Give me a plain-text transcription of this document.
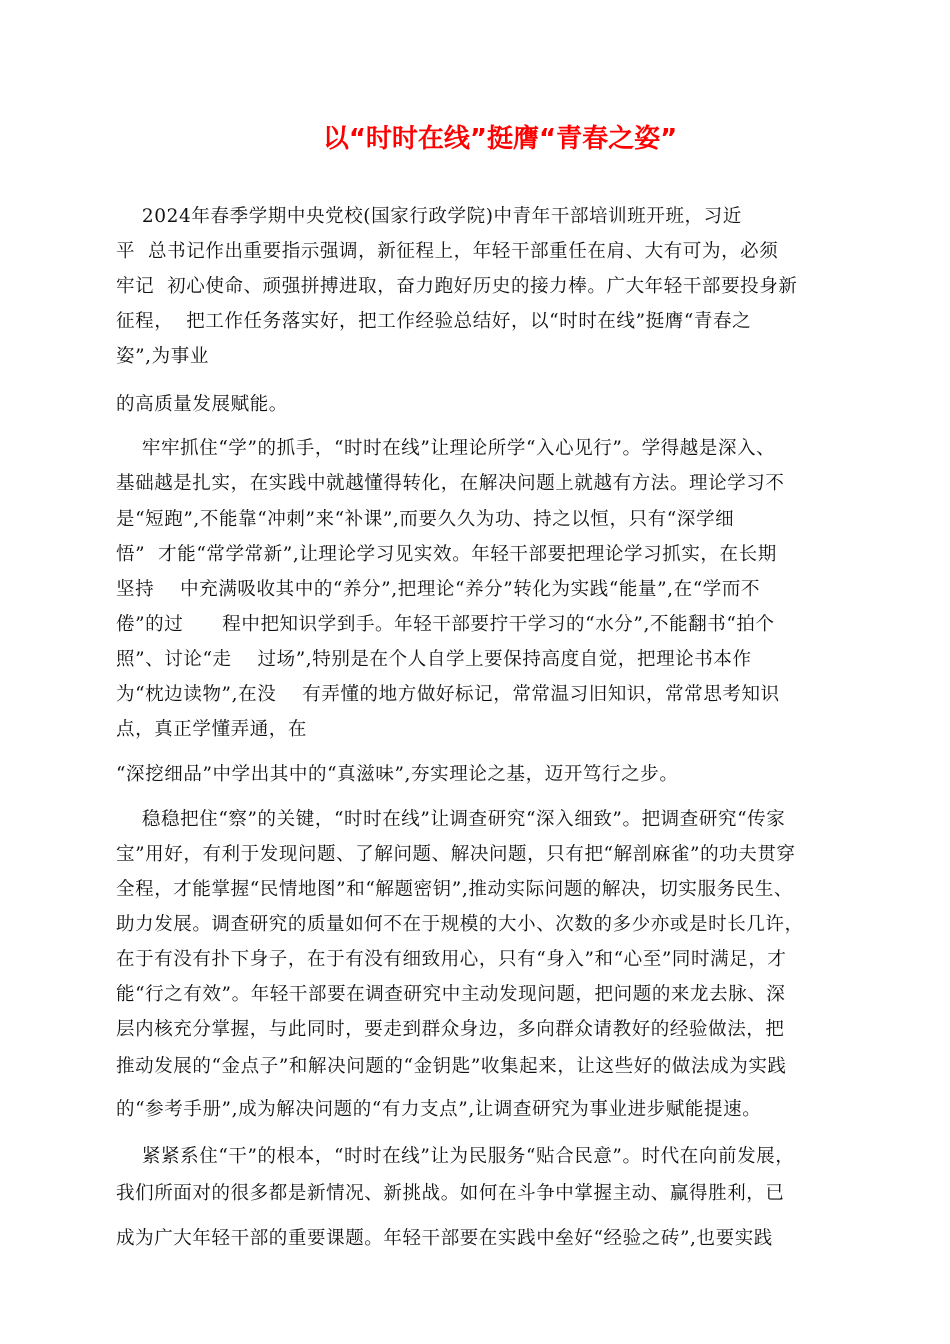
以“时时在线”挺膺“青春之姿”
2024年春季学期中央党校(国家行政学院)中青年干部培训班开班，习近
平  总书记作出重要指示强调，新征程上，年轻干部重任在肩、大有可为，必须
牢记  初心使命、顽强拼搏进取，奋力跑好历史的接力棒。广大年轻干部要投身新
征程，  把工作任务落实好，把工作经验总结好，以“时时在线”挺膺“青春之
姿”,为事业
的高质量发展赋能。
牢牢抓住“学”的抓手，“时时在线”让理论所学“入心见行”。学得越是深入、
基础越是扎实，在实践中就越懂得转化，在解决问题上就越有方法。理论学习不
是“短跑”,不能靠“冲刺”来“补课”,而要久久为功、持之以恒，只有“深学细
悟”  才能“常学常新”,让理论学习见实效。年轻干部要把理论学习抓实，在长期
坚持    中充满吸收其中的“养分”,把理论“养分”转化为实践“能量”,在“学而不
倦”的过      程中把知识学到手。年轻干部要拧干学习的“水分”,不能翻书“拍个
照”、讨论“走    过场”,特别是在个人自学上要保持高度自觉，把理论书本作
为“枕边读物”,在没    有弄懂的地方做好标记，常常温习旧知识，常常思考知识
点，真正学懂弄通，在
“深挖细品”中学出其中的“真滋味”,夯实理论之基，迈开笃行之步。
稳稳把住“察”的关键，“时时在线”让调查研究“深入细致”。把调查研究“传家
宝”用好，有利于发现问题、了解问题、解决问题，只有把“解剖麻雀”的功夫贯穿
全程，才能掌握“民情地图”和“解题密钥”,推动实际问题的解决，切实服务民生、
助力发展。调查研究的质量如何不在于规模的大小、次数的多少亦或是时长几许，
在于有没有扑下身子，在于有没有细致用心，只有“身入”和“心至”同时满足，才
能“行之有效”。年轻干部要在调查研究中主动发现问题，把问题的来龙去脉、深
层内核充分掌握，与此同时，要走到群众身边，多向群众请教好的经验做法，把
推动发展的“金点子”和解决问题的“金钥匙”收集起来，让这些好的做法成为实践
的“参考手册”,成为解决问题的“有力支点”,让调查研究为事业进步赋能提速。
紧紧系住“干”的根本，“时时在线”让为民服务“贴合民意”。时代在向前发展，
我们所面对的很多都是新情况、新挑战。如何在斗争中掌握主动、赢得胜利，已
成为广大年轻干部的重要课题。年轻干部要在实践中垒好“经验之砖”,也要实践
